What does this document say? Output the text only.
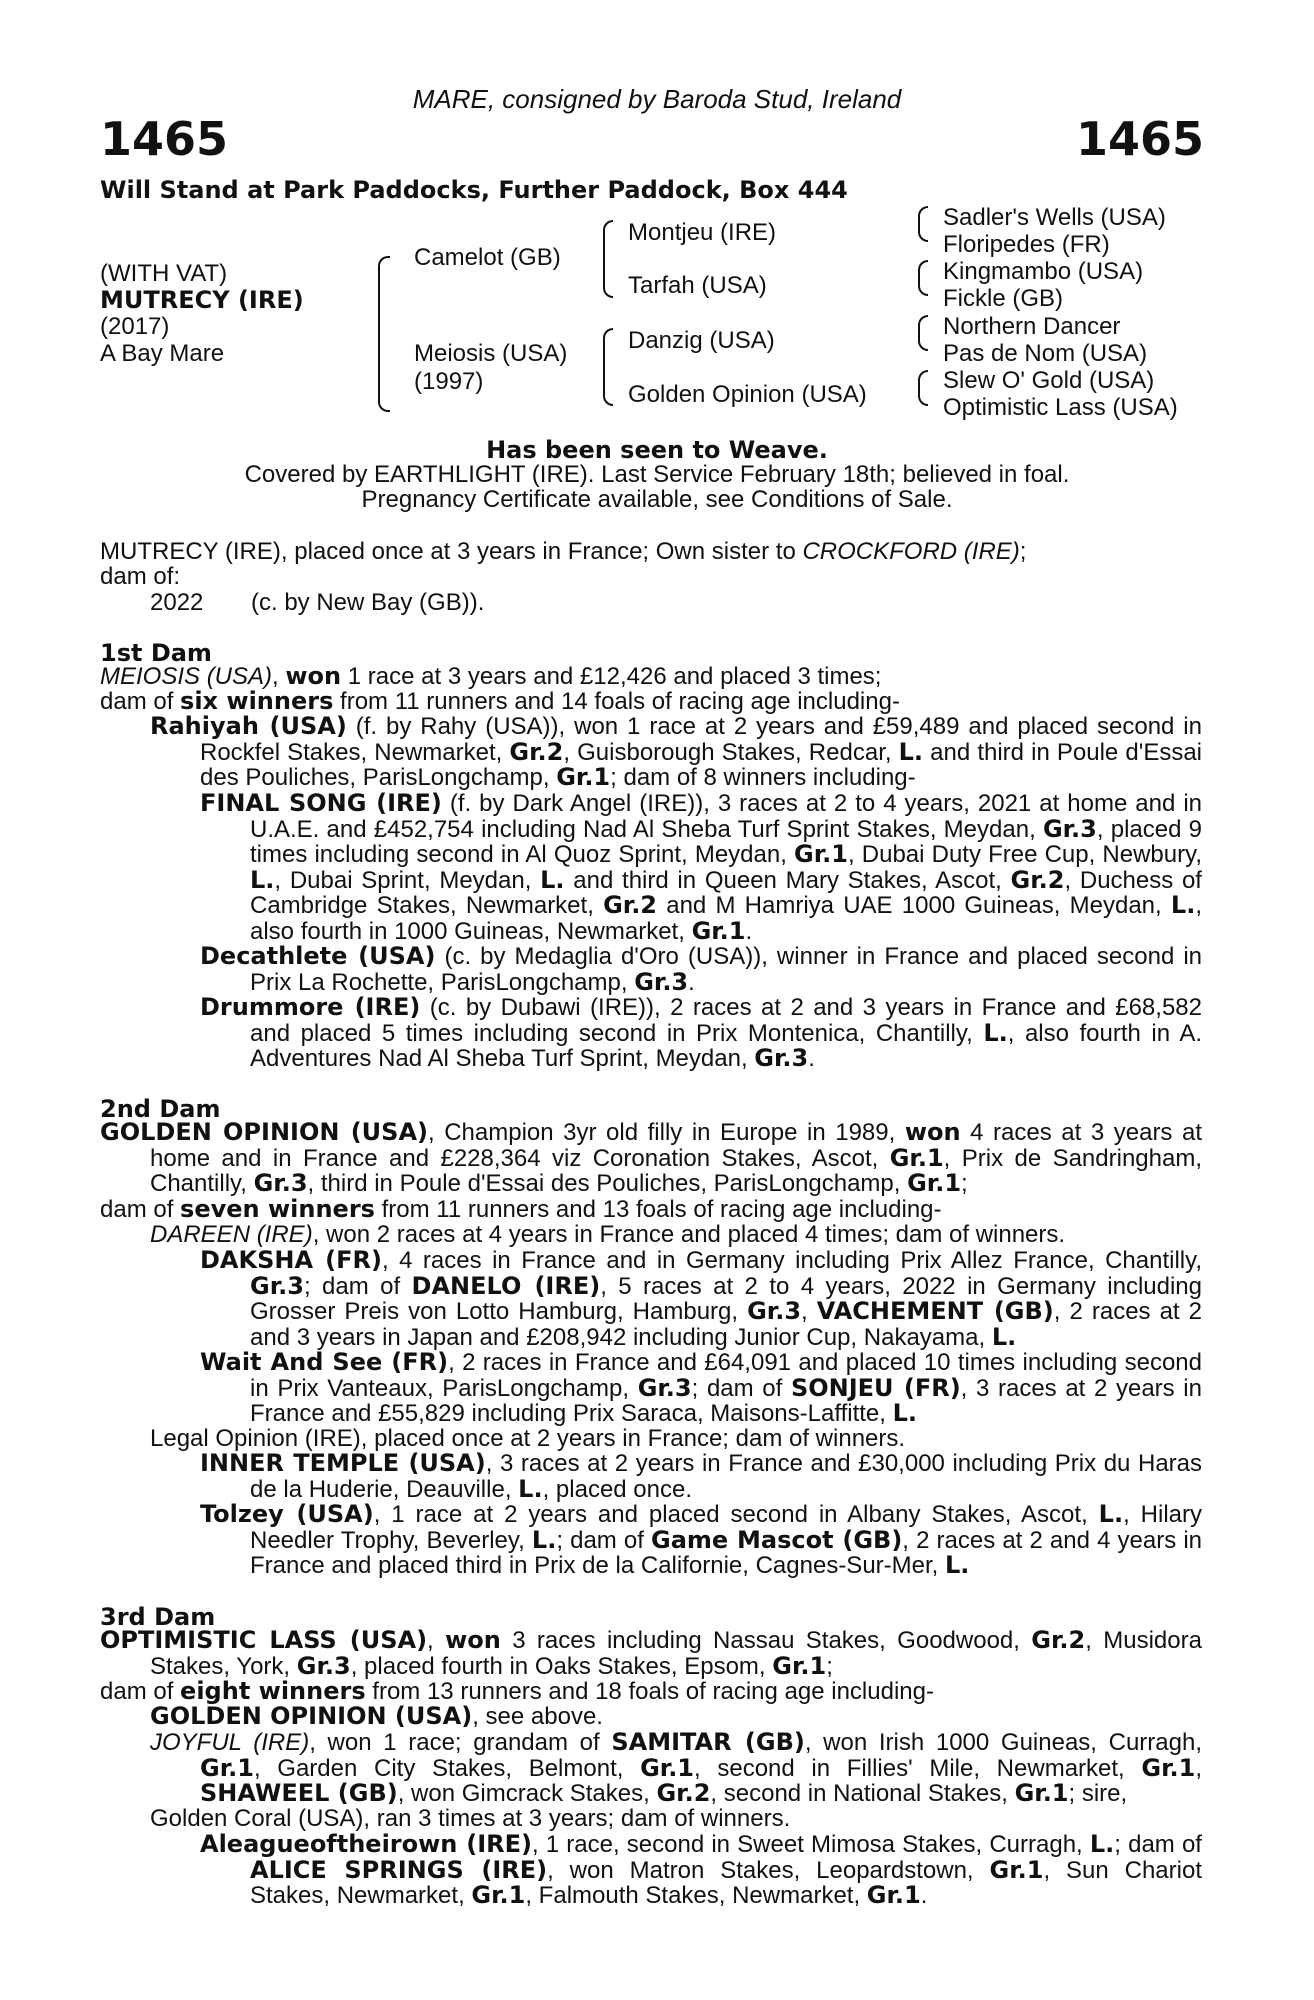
MARE, consigned by Baroda Stud, Ireland
1465	1465
Will Stand at Park Paddocks, Further Paddock, Box 444
(WITH VAT)
MUTRECY (IRE)
(2017)
A Bay Mare
Camelot (GB)
Meiosis (USA)
(1997)
Montjeu (IRE)
Tarfah (USA)
Danzig (USA)
Golden Opinion (USA)
Sadler's Wells (USA)
Floripedes (FR)
Kingmambo (USA)
Fickle (GB)
Northern Dancer
Pas de Nom (USA)
Slew O' Gold (USA)
Optimistic Lass (USA)
Has been seen to Weave.
Covered by EARTHLIGHT (IRE). Last Service February 18th; believed in foal.
Pregnancy Certificate available, see Conditions of Sale.
MUTRECY (IRE), placed once at 3 years in France; Own sister to CROCKFORD (IRE);
dam of:
2022	(c. by New Bay (GB)).
1st Dam
MEIOSIS (USA), won 1 race at 3 years and £12,426 and placed 3 times;
dam of six winners from 11 runners and 14 foals of racing age including-
Rahiyah (USA) (f. by Rahy (USA)), won 1 race at 2 years and £59,489 and placed second in Rockfel Stakes, Newmarket, Gr.2, Guisborough Stakes, Redcar, L. and third in Poule d'Essai des Pouliches, ParisLongchamp, Gr.1; dam of 8 winners including-
FINAL SONG (IRE) (f. by Dark Angel (IRE)), 3 races at 2 to 4 years, 2021 at home and in U.A.E. and £452,754 including Nad Al Sheba Turf Sprint Stakes, Meydan, Gr.3, placed 9 times including second in Al Quoz Sprint, Meydan, Gr.1, Dubai Duty Free Cup, Newbury, L., Dubai Sprint, Meydan, L. and third in Queen Mary Stakes, Ascot, Gr.2, Duchess of Cambridge Stakes, Newmarket, Gr.2 and M Hamriya UAE 1000 Guineas, Meydan, L., also fourth in 1000 Guineas, Newmarket, Gr.1.
Decathlete (USA) (c. by Medaglia d'Oro (USA)), winner in France and placed second in Prix La Rochette, ParisLongchamp, Gr.3.
Drummore (IRE) (c. by Dubawi (IRE)), 2 races at 2 and 3 years in France and £68,582 and placed 5 times including second in Prix Montenica, Chantilly, L., also fourth in A. Adventures Nad Al Sheba Turf Sprint, Meydan, Gr.3.
2nd Dam
GOLDEN OPINION (USA), Champion 3yr old filly in Europe in 1989, won 4 races at 3 years at home and in France and £228,364 viz Coronation Stakes, Ascot, Gr.1, Prix de Sandringham, Chantilly, Gr.3, third in Poule d'Essai des Pouliches, ParisLongchamp, Gr.1;
dam of seven winners from 11 runners and 13 foals of racing age including-
DAREEN (IRE), won 2 races at 4 years in France and placed 4 times; dam of winners.
DAKSHA (FR), 4 races in France and in Germany including Prix Allez France, Chantilly, Gr.3; dam of DANELO (IRE), 5 races at 2 to 4 years, 2022 in Germany including Grosser Preis von Lotto Hamburg, Hamburg, Gr.3, VACHEMENT (GB), 2 races at 2 and 3 years in Japan and £208,942 including Junior Cup, Nakayama, L.
Wait And See (FR), 2 races in France and £64,091 and placed 10 times including second in Prix Vanteaux, ParisLongchamp, Gr.3; dam of SONJEU (FR), 3 races at 2 years in France and £55,829 including Prix Saraca, Maisons-Laffitte, L.
Legal Opinion (IRE), placed once at 2 years in France; dam of winners.
INNER TEMPLE (USA), 3 races at 2 years in France and £30,000 including Prix du Haras de la Huderie, Deauville, L., placed once.
Tolzey (USA), 1 race at 2 years and placed second in Albany Stakes, Ascot, L., Hilary Needler Trophy, Beverley, L.; dam of Game Mascot (GB), 2 races at 2 and 4 years in France and placed third in Prix de la Californie, Cagnes-Sur-Mer, L.
3rd Dam
OPTIMISTIC LASS (USA), won 3 races including Nassau Stakes, Goodwood, Gr.2, Musidora Stakes, York, Gr.3, placed fourth in Oaks Stakes, Epsom, Gr.1;
dam of eight winners from 13 runners and 18 foals of racing age including-
GOLDEN OPINION (USA), see above.
JOYFUL (IRE), won 1 race; grandam of SAMITAR (GB), won Irish 1000 Guineas, Curragh, Gr.1, Garden City Stakes, Belmont, Gr.1, second in Fillies' Mile, Newmarket, Gr.1, SHAWEEL (GB), won Gimcrack Stakes, Gr.2, second in National Stakes, Gr.1; sire,
Golden Coral (USA), ran 3 times at 3 years; dam of winners.
Aleagueoftheirown (IRE), 1 race, second in Sweet Mimosa Stakes, Curragh, L.; dam of ALICE SPRINGS (IRE), won Matron Stakes, Leopardstown, Gr.1, Sun Chariot Stakes, Newmarket, Gr.1, Falmouth Stakes, Newmarket, Gr.1.
